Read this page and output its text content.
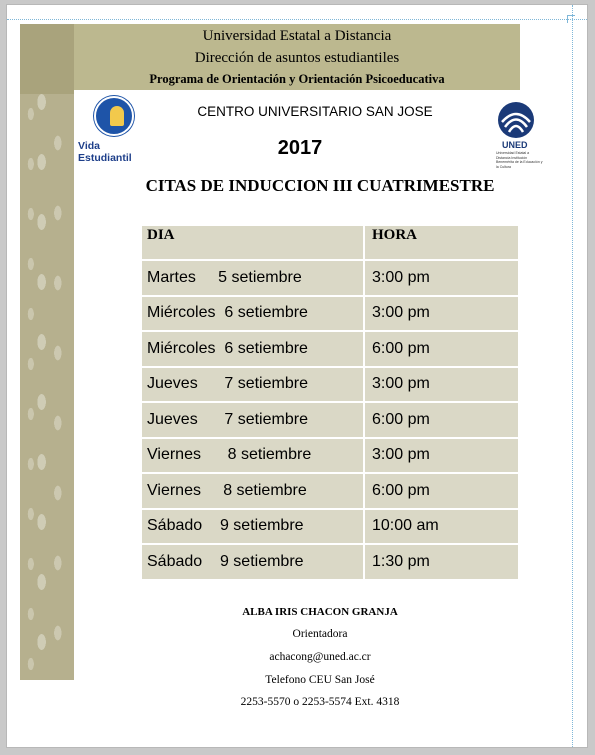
Universidad Estatal a Distancia
Dirección de asuntos estudiantiles
Programa de Orientación y Orientación Psicoeducativa
Vida Estudiantil
CENTRO UNIVERSITARIO SAN JOSE
2017	UNED
Universidad Estatal a Distancia Institución Benemérita de la Educación y la Cultura
CITAS DE INDUCCION III CUATRIMESTRE
DIA	HORA
Martes     5 setiembre	3:00 pm
Miércoles  6 setiembre	3:00 pm
Miércoles  6 setiembre	6:00 pm
Jueves      7 setiembre	3:00 pm
Jueves      7 setiembre	6:00 pm
Viernes      8 setiembre	3:00 pm
Viernes     8 setiembre	6:00 pm
Sábado    9 setiembre	10:00 am
Sábado    9 setiembre	1:30 pm
ALBA IRIS CHACON GRANJA
Orientadora
achacong@uned.ac.cr
Telefono CEU San José
2253-5570 o 2253-5574 Ext. 4318
